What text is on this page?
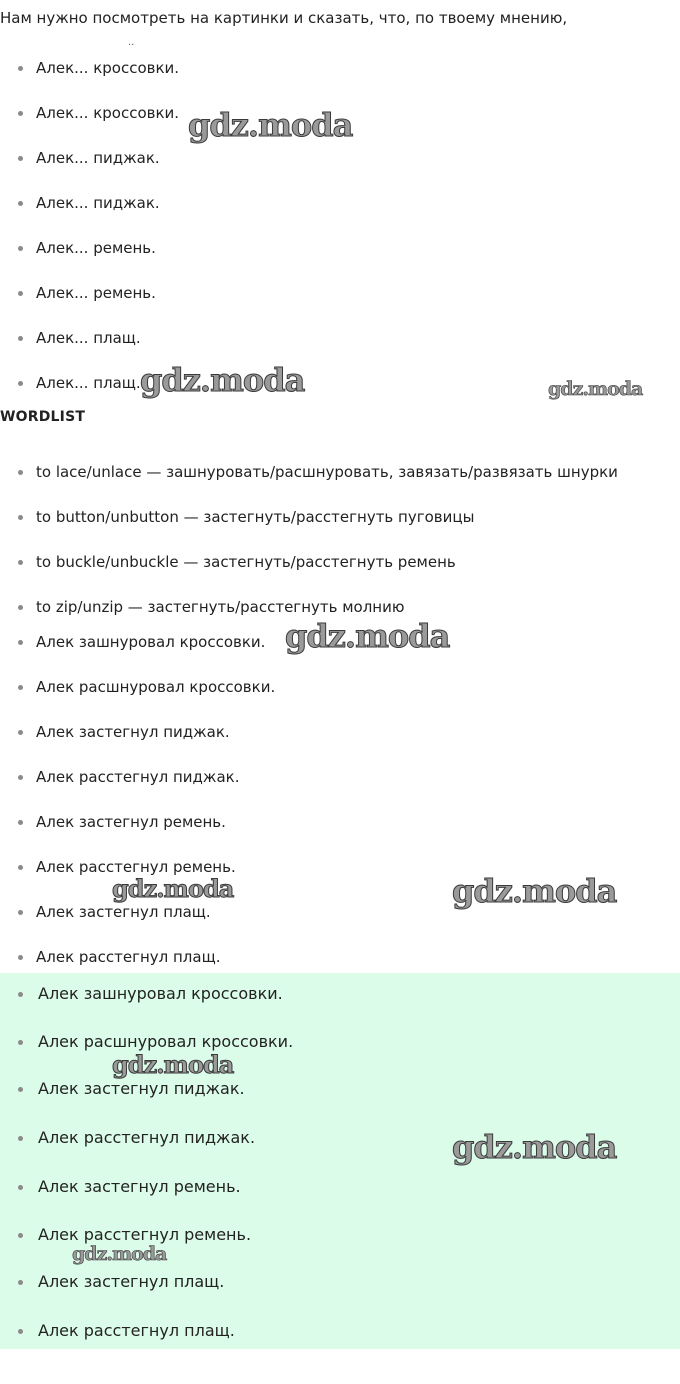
Нам нужно посмотреть на картинки и сказать, что, по твоему мнению,
..
Алек... кроссовки.
Алек... кроссовки.
Алек... пиджак.
Алек... пиджак.
Алек... ремень.
Алек... ремень.
Алек... плащ.
Алек... плащ.
WORDLIST
to lace/unlace — зашнуровать/расшнуровать, завязать/развязать шнурки
to button/unbutton — застегнуть/расстегнуть пуговицы
to buckle/unbuckle — застегнуть/расстегнуть ремень
to zip/unzip — застегнуть/расстегнуть молнию
Алек зашнуровал кроссовки.
Алек расшнуровал кроссовки.
Алек застегнул пиджак.
Алек расстегнул пиджак.
Алек застегнул ремень.
Алек расстегнул ремень.
Алек застегнул плащ.
Алек расстегнул плащ.
Алек зашнуровал кроссовки.
Алек расшнуровал кроссовки.
Алек застегнул пиджак.
Алек расстегнул пиджак.
Алек застегнул ремень.
Алек расстегнул ремень.
Алек застегнул плащ.
Алек расстегнул плащ.
gdz.moda
gdz.moda	gdz.moda
gdz.moda
gdz.moda	gdz.moda
gdz.moda
gdz.moda
gdz.moda
